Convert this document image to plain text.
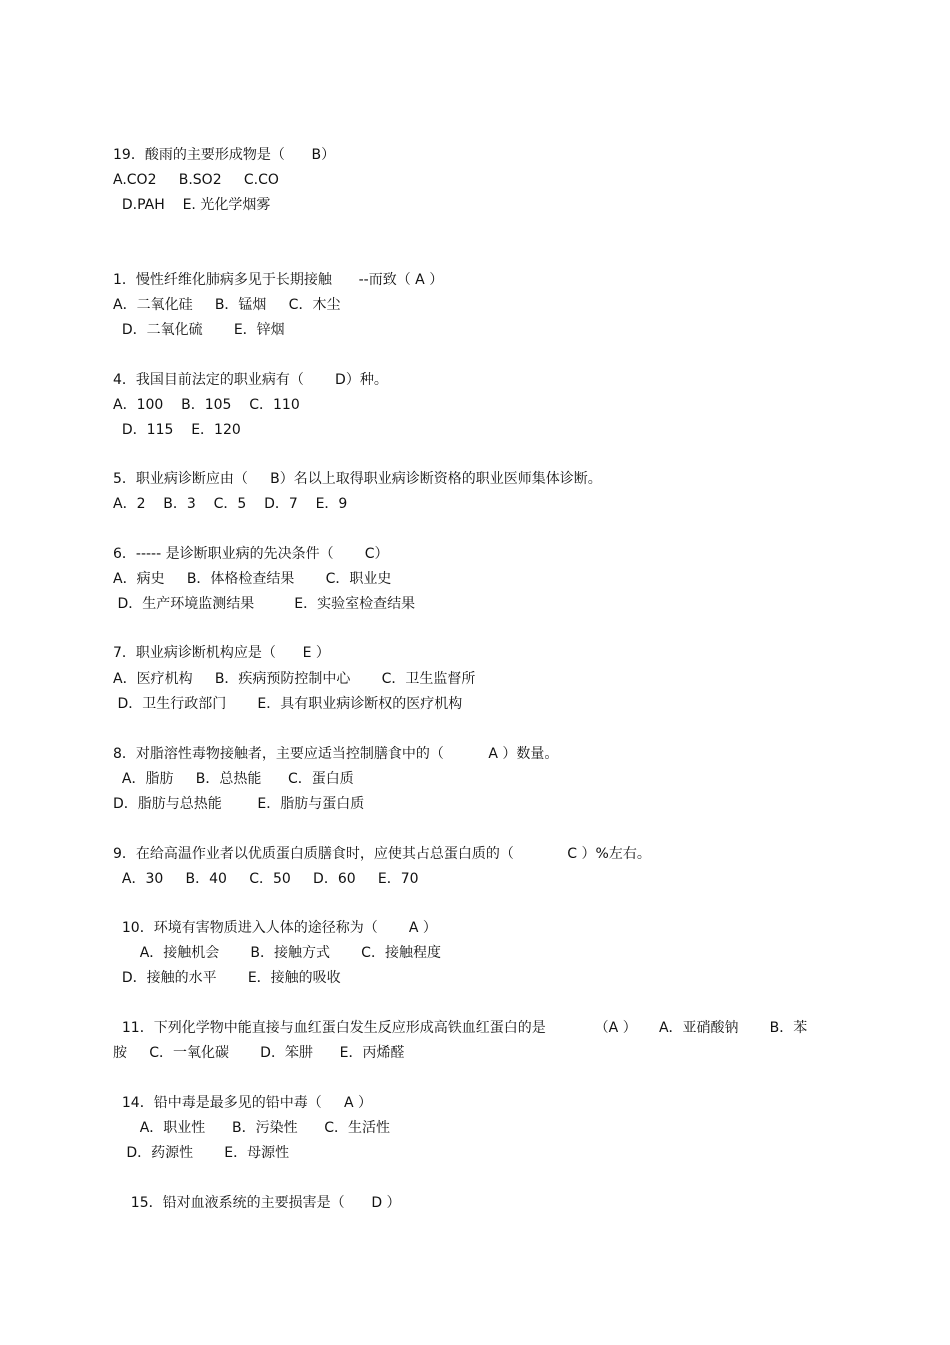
19．酸雨的主要形成物是（      B）
A.CO2     B.SO2     C.CO
D.PAH    E. 光化学烟雾
1．慢性纤维化肺病多见于长期接触      --而致（ A ）
A．二氧化硅     B．锰烟     C．木尘
D．二氧化硫       E．锌烟
4．我国目前法定的职业病有（       D）种。
A．100    B．105    C．110
D．115    E．120
5．职业病诊断应由（     B）名以上取得职业病诊断资格的职业医师集体诊断。
A．2    B．3    C．5    D．7    E．9
6．----- 是诊断职业病的先决条件（       C）
A．病史     B．体格检查结果       C．职业史
D．生产环境监测结果         E．实验室检查结果
7．职业病诊断机构应是（      E ）
A．医疗机构     B．疾病预防控制中心       C．卫生监督所
D．卫生行政部门       E．具有职业病诊断权的医疗机构
8．对脂溶性毒物接触者，主要应适当控制膳食中的（          A ）数量。
A．脂肪     B．总热能      C．蛋白质
D．脂肪与总热能        E．脂肪与蛋白质
9．在给高温作业者以优质蛋白质膳食时，应使其占总蛋白质的（            C ）%左右。
A．30     B．40     C．50     D．60     E．70
10．环境有害物质进入人体的途径称为（       A ）
A．接触机会       B．接触方式       C．接触程度
D．接触的水平       E．接触的吸收
11．下列化学物中能直接与血红蛋白发生反应形成高铁血红蛋白的是           （A ）     A．亚硝酸钠       B．苯
胺     C．一氧化碳       D．笨肼      E．丙烯醛
14．铅中毒是最多见的铅中毒（     A ）
A．职业性      B．污染性      C．生活性
D．药源性       E．母源性
15．铅对血液系统的主要损害是（      D ）
